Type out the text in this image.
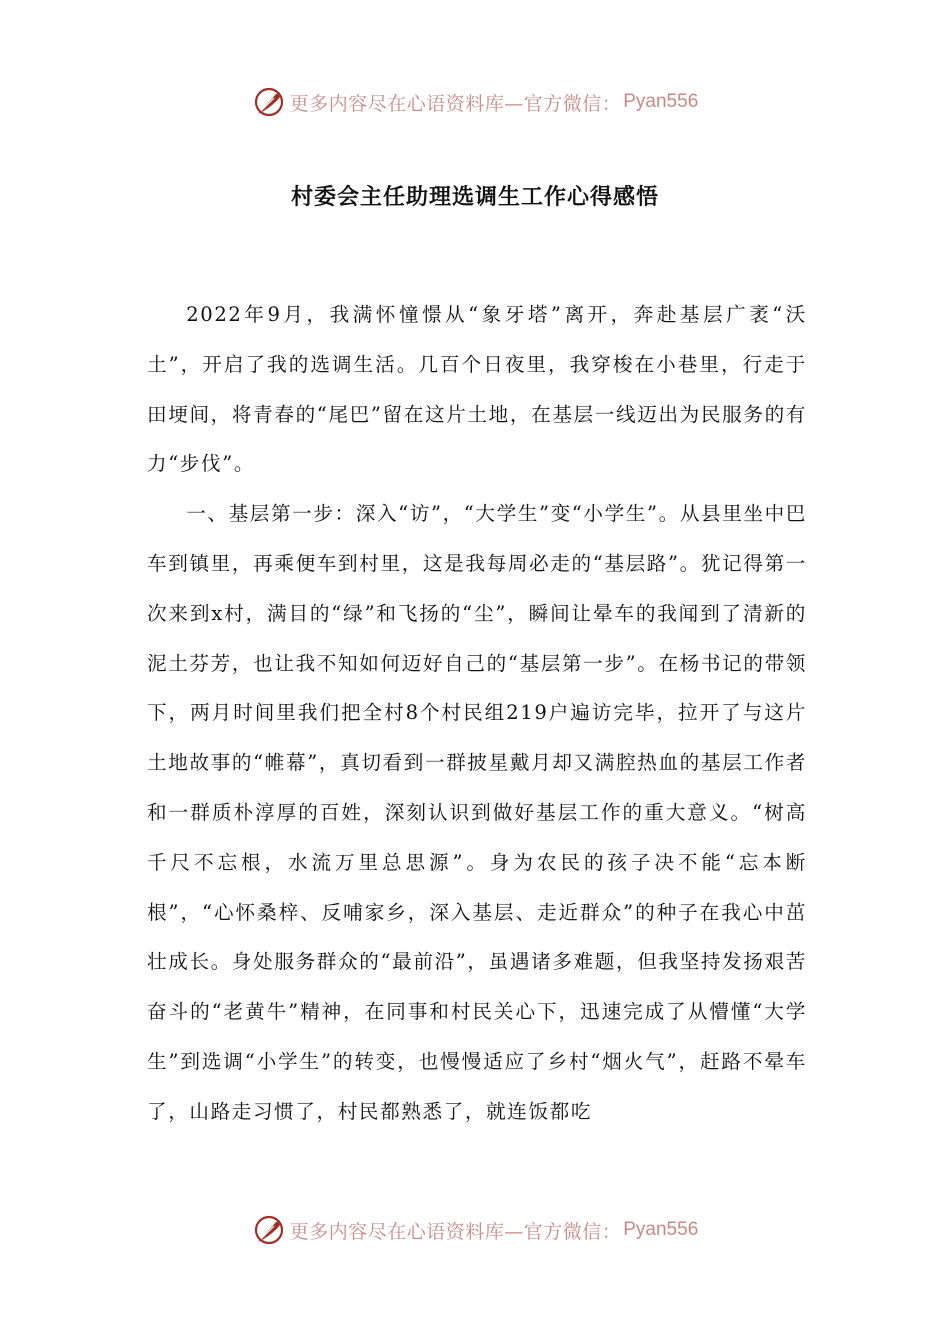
更多内容尽在心语资料库—官方微信： Pyan556
村委会主任助理选调生工作心得感悟

2022年9月，我满怀憧憬从“象牙塔”离开，奔赴基层广袤“沃土”，开启了我的选调生活。几百个日夜里，我穿梭在小巷里，行走于田埂间，将青春的“尾巴”留在这片土地，在基层一线迈出为民服务的有力“步伐”。

一、基层第一步：深入“访”，“大学生”变“小学生”。从县里坐中巴车到镇里，再乘便车到村里，这是我每周必走的“基层路”。犹记得第一次来到x村，满目的“绿”和飞扬的“尘”，瞬间让晕车的我闻到了清新的泥土芬芳，也让我不知如何迈好自己的“基层第一步”。在杨书记的带领下，两月时间里我们把全村8个村民组219户遍访完毕，拉开了与这片土地故事的“帷幕”，真切看到一群披星戴月却又满腔热血的基层工作者和一群质朴淳厚的百姓，深刻认识到做好基层工作的重大意义。“树高千尺不忘根，水流万里总思源”。身为农民的孩子决不能“忘本断根”，“心怀桑梓、反哺家乡，深入基层、走近群众”的种子在我心中茁壮成长。身处服务群众的“最前沿”，虽遇诸多难题，但我坚持发扬艰苦奋斗的“老黄牛”精神，在同事和村民关心下，迅速完成了从懵懂“大学生”到选调“小学生”的转变，也慢慢适应了乡村“烟火气”，赶路不晕车了，山路走习惯了，村民都熟悉了，就连饭都吃

更多内容尽在心语资料库—官方微信： Pyan556
